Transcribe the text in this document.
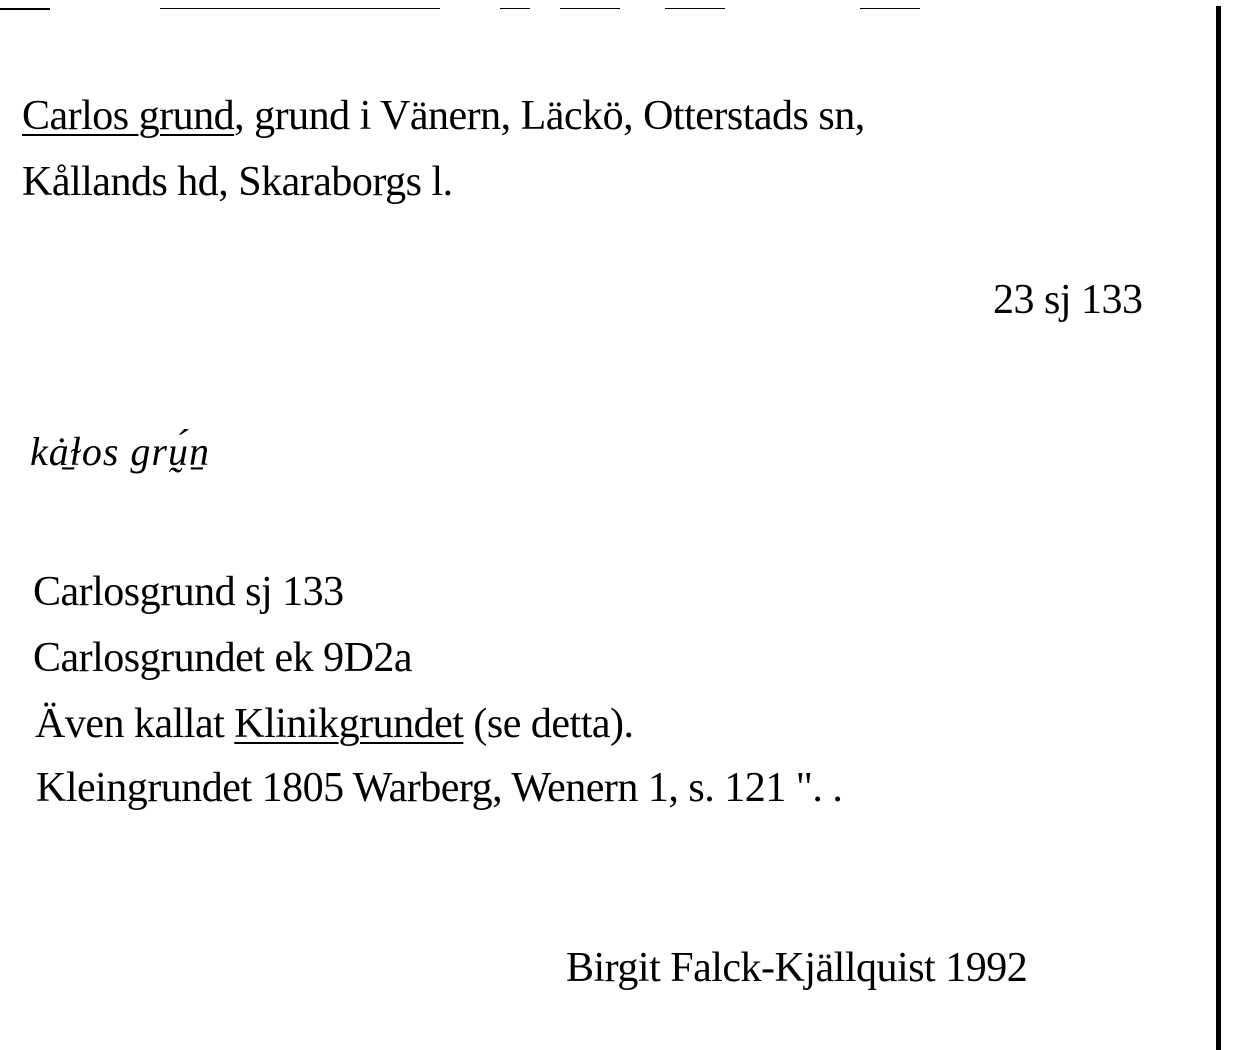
Carlos grund, grund i Vänern, Läckö, Otterstads sn,
Kållands hd, Skaraborgs l.
23 sj 133
kȧ̱ɫos grṵ́ṉ
Carlosgrund sj 133
Carlosgrundet ek 9D2a
Även kallat Klinikgrundet (se detta).
Kleingrundet 1805 Warberg, Wenern 1, s. 121 ". .
Birgit Falck-Kjällquist 1992
